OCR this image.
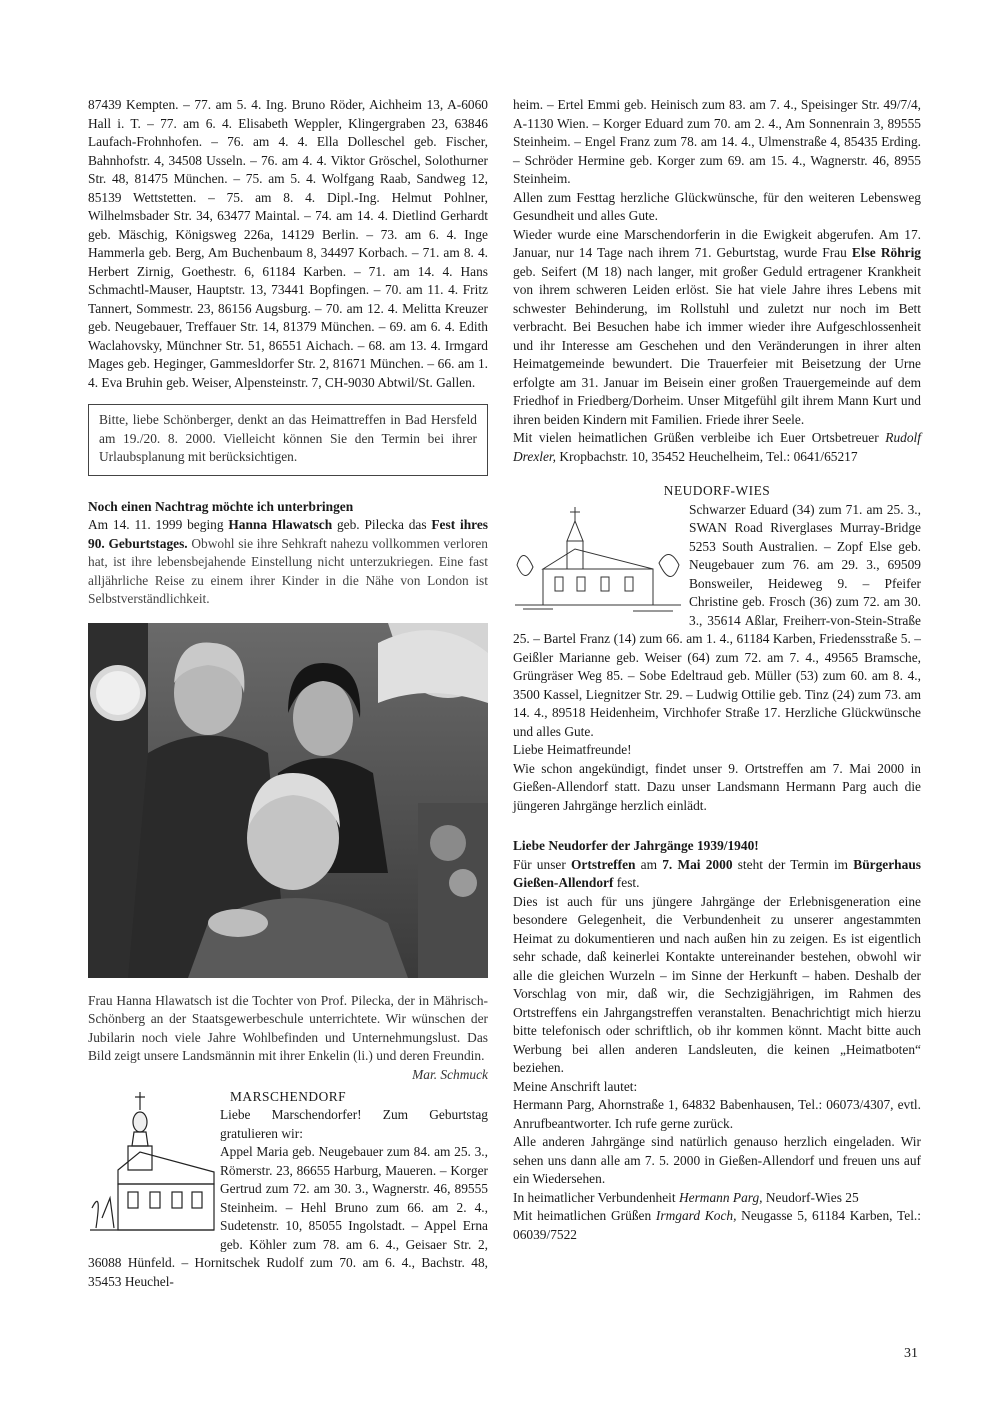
87439 Kempten. – 77. am 5. 4. Ing. Bruno Röder, Aichheim 13, A-6060 Hall i. T. – 77. am 6. 4. Elisabeth Weppler, Klingergraben 23, 63846 Laufach-Frohnhofen. – 76. am 4. 4. Ella Dolleschel geb. Fischer, Bahnhofstr. 4, 34508 Usseln. – 76. am 4. 4. Viktor Gröschel, Solothurner Str. 48, 81475 München. – 75. am 5. 4. Wolfgang Raab, Sandweg 12, 85139 Wettstetten. – 75. am 8. 4. Dipl.-Ing. Helmut Pohlner, Wilhelmsbader Str. 34, 63477 Maintal. – 74. am 14. 4. Dietlind Gerhardt geb. Mäschig, Königsweg 226a, 14129 Berlin. – 73. am 6. 4. Inge Hammerla geb. Berg, Am Buchenbaum 8, 34497 Korbach. – 71. am 8. 4. Herbert Zirnig, Goethestr. 6, 61184 Karben. – 71. am 14. 4. Hans Schmachtl-Mauser, Hauptstr. 13, 73441 Bopfingen. – 70. am 11. 4. Fritz Tannert, Sommestr. 23, 86156 Augsburg. – 70. am 12. 4. Melitta Kreuzer geb. Neugebauer, Treffauer Str. 14, 81379 München. – 69. am 6. 4. Edith Waclahovsky, Münchner Str. 51, 86551 Aichach. – 68. am 13. 4. Irmgard Mages geb. Heginger, Gammesldorfer Str. 2, 81671 München. – 66. am 1. 4. Eva Bruhin geb. Weiser, Alpensteinstr. 7, CH-9030 Abtwil/St. Gallen.

Bitte, liebe Schönberger, denkt an das Heimattreffen in Bad Hersfeld am 19./20. 8. 2000. Vielleicht können Sie den Termin bei ihrer Urlaubsplanung mit berücksichtigen.

Noch einen Nachtrag möchte ich unterbringen

Am 14. 11. 1999 beging Hanna Hlawatsch geb. Pilecka das Fest ihres 90. Geburtstages. Obwohl sie ihre Sehkraft nahezu vollkommen verloren hat, ist ihre lebensbejahende Einstellung nicht unterzukriegen. Eine fast alljährliche Reise zu einem ihrer Kinder in die Nähe von London ist Selbstverständlichkeit.

Frau Hanna Hlawatsch ist die Tochter von Prof. Pilecka, der in Mährisch-Schönberg an der Staatsgewerbeschule unterrichtete. Wir wünschen der Jubilarin noch viele Jahre Wohlbefinden und Unternehmungslust. Das Bild zeigt unsere Landsmännin mit ihrer Enkelin (li.) und deren Freundin.
Mar. Schmuck

MARSCHENDORF

Liebe Marschendorfer! Zum Geburtstag gratulieren wir:

Appel Maria geb. Neugebauer zum 84. am 25. 3., Römerstr. 23, 86655 Harburg, Maueren. – Korger Gertrud zum 72. am 30. 3., Wagnerstr. 46, 89555 Steinheim. – Hehl Bruno zum 66. am 2. 4., Sudetenstr. 10, 85055 Ingolstadt. – Appel Erna geb. Köhler zum 78. am 6. 4., Geisaer Str. 2, 36088 Hünfeld. – Hornitschek Rudolf zum 70. am 6. 4., Bachstr. 48, 35453 Heuchel-

heim. – Ertel Emmi geb. Heinisch zum 83. am 7. 4., Speisinger Str. 49/7/4, A-1130 Wien. – Korger Eduard zum 70. am 2. 4., Am Sonnenrain 3, 89555 Steinheim. – Engel Franz zum 78. am 14. 4., Ulmenstraße 4, 85435 Erding. – Schröder Hermine geb. Korger zum 69. am 15. 4., Wagnerstr. 46, 8955 Steinheim.

Allen zum Festtag herzliche Glückwünsche, für den weiteren Lebensweg Gesundheit und alles Gute.

Wieder wurde eine Marschendorferin in die Ewigkeit abgerufen. Am 17. Januar, nur 14 Tage nach ihrem 71. Geburtstag, wurde Frau Else Röhrig geb. Seifert (M 18) nach langer, mit großer Geduld ertragener Krankheit von ihrem schweren Leiden erlöst. Sie hat viele Jahre ihres Lebens mit schwester Behinderung, im Rollstuhl und zuletzt nur noch im Bett verbracht. Bei Besuchen habe ich immer wieder ihre Aufgeschlossenheit und ihr Interesse am Geschehen und den Veränderungen in ihrer alten Heimatgemeinde bewundert. Die Trauerfeier mit Beisetzung der Urne erfolgte am 31. Januar im Beisein einer großen Trauergemeinde auf dem Friedhof in Friedberg/Dorheim. Unser Mitgefühl gilt ihrem Mann Kurt und ihren beiden Kindern mit Familien. Friede ihrer Seele.

Mit vielen heimatlichen Grüßen verbleibe ich Euer Ortsbetreuer Rudolf Drexler, Kropbachstr. 10, 35452 Heuchelheim, Tel.: 0641/65217

NEUDORF-WIES

Schwarzer Eduard (34) zum 71. am 25. 3., SWAN Road Riverglases Murray-Bridge 5253 South Australien. – Zopf Else geb. Neugebauer zum 76. am 29. 3., 69509 Bonsweiler, Heideweg 9. – Pfeifer Christine geb. Frosch (36) zum 72. am 30. 3., 35614 Aßlar, Freiherr-von-Stein-Straße 25. – Bartel Franz (14) zum 66. am 1. 4., 61184 Karben, Friedensstraße 5. – Geißler Marianne geb. Weiser (64) zum 72. am 7. 4., 49565 Bramsche, Grüngräser Weg 85. – Sobe Edeltraud geb. Müller (53) zum 60. am 8. 4., 3500 Kassel, Liegnitzer Str. 29. – Ludwig Ottilie geb. Tinz (24) zum 73. am 14. 4., 89518 Heidenheim, Virchhofer Straße 17. Herzliche Glückwünsche und alles Gute.

Liebe Heimatfreunde!

Wie schon angekündigt, findet unser 9. Ortstreffen am 7. Mai 2000 in Gießen-Allendorf statt. Dazu unser Landsmann Hermann Parg auch die jüngeren Jahrgänge herzlich einlädt.

Liebe Neudorfer der Jahrgänge 1939/1940!

Für unser Ortstreffen am 7. Mai 2000 steht der Termin im Bürgerhaus Gießen-Allendorf fest.

Dies ist auch für uns jüngere Jahrgänge der Erlebnisgeneration eine besondere Gelegenheit, die Verbundenheit zu unserer angestammten Heimat zu dokumentieren und nach außen hin zu zeigen. Es ist eigentlich sehr schade, daß keinerlei Kontakte untereinander bestehen, obwohl wir alle die gleichen Wurzeln – im Sinne der Herkunft – haben. Deshalb der Vorschlag von mir, daß wir, die Sechzigjährigen, im Rahmen des Ortstreffens ein Jahrgangstreffen veranstalten. Benachrichtigt mich hierzu bitte telefonisch oder schriftlich, ob ihr kommen könnt. Macht bitte auch Werbung bei allen anderen Landsleuten, die keinen „Heimatboten“ beziehen.

Meine Anschrift lautet:

Hermann Parg, Ahornstraße 1, 64832 Babenhausen, Tel.: 06073/4307, evtl. Anrufbeantworter. Ich rufe gerne zurück.

Alle anderen Jahrgänge sind natürlich genauso herzlich eingeladen. Wir sehen uns dann alle am 7. 5. 2000 in Gießen-Allendorf und freuen uns auf ein Wiedersehen.

In heimatlicher Verbundenheit Hermann Parg, Neudorf-Wies 25

Mit heimatlichen Grüßen Irmgard Koch, Neugasse 5, 61184 Karben, Tel.: 06039/7522

31
